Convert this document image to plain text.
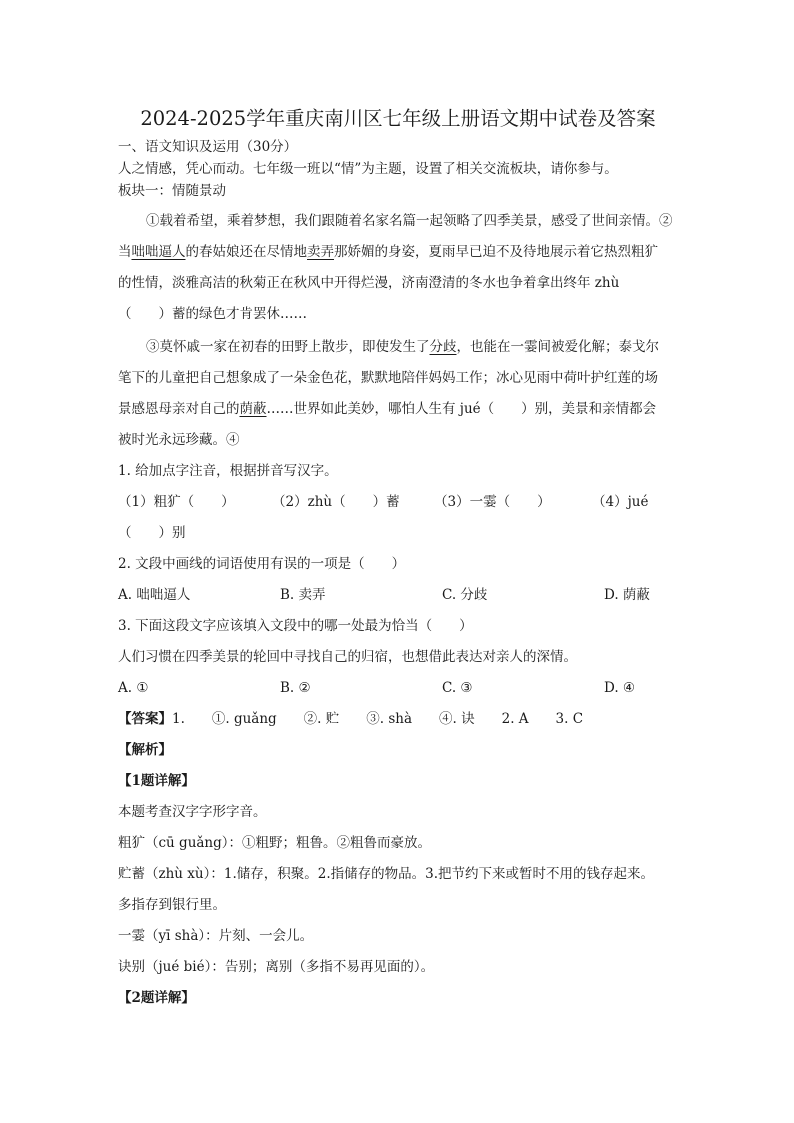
2024-2025学年重庆南川区七年级上册语文期中试卷及答案

一、语文知识及运用（30分）

人之情感，凭心而动。七年级一班以“情”为主题，设置了相关交流板块，请你参与。

板块一：情随景动

①载着希望，乘着梦想，我们跟随着名家名篇一起领略了四季美景，感受了世间亲情。②

当咄咄逼人的春姑娘还在尽情地卖弄那娇媚的身姿，夏雨早已迫不及待地展示着它热烈粗犷

的性情，淡雅高洁的秋菊正在秋风中开得烂漫，济南澄清的冬水也争着拿出终年 zhù

（　　）蓄的绿色才肯罢休……

③莫怀戚一家在初春的田野上散步，即使发生了分歧，也能在一霎间被爱化解；泰戈尔

笔下的儿童把自己想象成了一朵金色花，默默地陪伴妈妈工作；冰心见雨中荷叶护红莲的场

景感恩母亲对自己的荫蔽……世界如此美妙，哪怕人生有 jué（　　）别，美景和亲情都会

被时光永远珍藏。④

1. 给加点字注音，根据拼音写汉字。

（1）粗犷（　　）	（2）zhù（　　）蓄	（3）一霎（　　）	（4）jué

（　　）别

2. 文段中画线的词语使用有误的一项是（　　）

A. 咄咄逼人	B. 卖弄	C. 分歧	D. 荫蔽

3. 下面这段文字应该填入文段中的哪一处最为恰当（　　）

人们习惯在四季美景的轮回中寻找自己的归宿，也想借此表达对亲人的深情。

A. ①	B. ②	C. ③	D. ④

【答案】1.　　①. guǎng　　②. 贮　　③. shà　　④. 诀　　2. A　　3. C

【解析】

【1题详解】

本题考查汉字字形字音。

粗犷（cū guǎng）：①粗野；粗鲁。②粗鲁而豪放。

贮蓄（zhù xù）：1.储存，积聚。2.指储存的物品。3.把节约下来或暂时不用的钱存起来。

多指存到银行里。

一霎（yī shà）：片刻、一会儿。

诀别（jué bié）：告别；离别（多指不易再见面的）。

【2题详解】
